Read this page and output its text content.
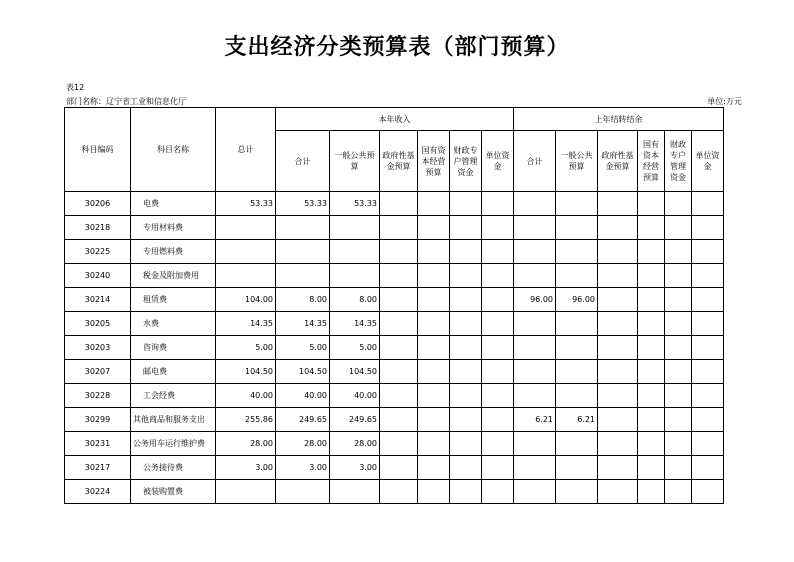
支出经济分类预算表（部门预算）
表12
部门名称：辽宁省工业和信息化厅	单位:万元
科目编码	科目名称	总计	本年收入						上年结转结余					
			合计	一般公共预算	政府性基金预算	国有资本经营预算	财政专户管理资金	单位资金	合计	一般公共预算	政府性基金预算	国有资本经营预算	财政专户管理资金	单位资金
30206	电费	53.33	53.33	53.33										
30218	专用材料费													
30225	专用燃料费													
30240	税金及附加费用													
30214	租赁费	104.00	8.00	8.00					96.00	96.00				
30205	水费	14.35	14.35	14.35										
30203	咨询费	5.00	5.00	5.00										
30207	邮电费	104.50	104.50	104.50										
30228	工会经费	40.00	40.00	40.00										
30299	其他商品和服务支出	255.86	249.65	249.65					6.21	6.21				
30231	公务用车运行维护费	28.00	28.00	28.00										
30217	公务接待费	3.00	3.00	3.00										
30224	被装购置费													
